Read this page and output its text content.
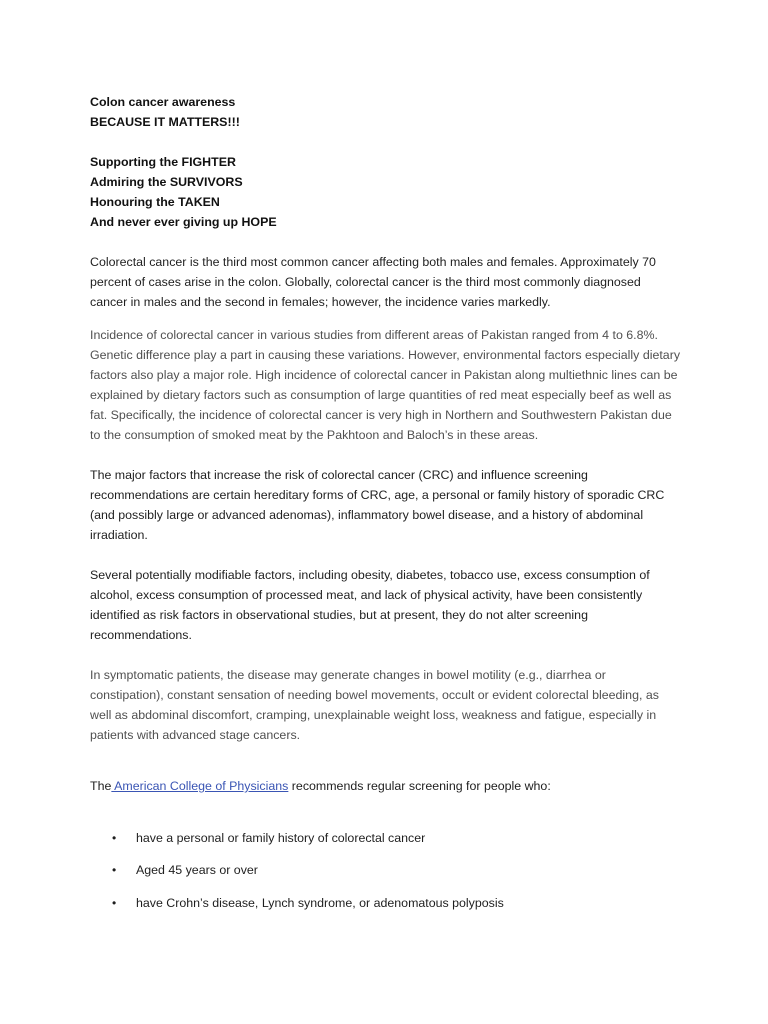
Colon cancer awareness
BECAUSE IT MATTERS!!!
Supporting the FIGHTER
Admiring the SURVIVORS
Honouring the TAKEN
And never ever giving up HOPE

Colorectal cancer is the third most common cancer affecting both males and females. Approximately 70 percent of cases arise in the colon. Globally, colorectal cancer is the third most commonly diagnosed cancer in males and the second in females; however, the incidence varies markedly.

Incidence of colorectal cancer in various studies from different areas of Pakistan ranged from 4 to 6.8%. Genetic difference play a part in causing these variations. However, environmental factors especially dietary factors also play a major role. High incidence of colorectal cancer in Pakistan along multiethnic lines can be explained by dietary factors such as consumption of large quantities of red meat especially beef as well as fat. Specifically, the incidence of colorectal cancer is very high in Northern and Southwestern Pakistan due to the consumption of smoked meat by the Pakhtoon and Baloch’s in these areas.

The major factors that increase the risk of colorectal cancer (CRC) and influence screening recommendations are certain hereditary forms of CRC, age, a personal or family history of sporadic CRC (and possibly large or advanced adenomas), inflammatory bowel disease, and a history of abdominal irradiation.

Several potentially modifiable factors, including obesity, diabetes, tobacco use, excess consumption of alcohol, excess consumption of processed meat, and lack of physical activity, have been consistently identified as risk factors in observational studies, but at present, they do not alter screening recommendations.

In symptomatic patients, the disease may generate changes in bowel motility (e.g., diarrhea or constipation), constant sensation of needing bowel movements, occult or evident colorectal bleeding, as well as abdominal discomfort, cramping, unexplainable weight loss, weakness and fatigue, especially in patients with advanced stage cancers.

The American College of Physicians recommends regular screening for people who:

• have a personal or family history of colorectal cancer
• Aged 45 years or over
• have Crohn’s disease, Lynch syndrome, or adenomatous polyposis
